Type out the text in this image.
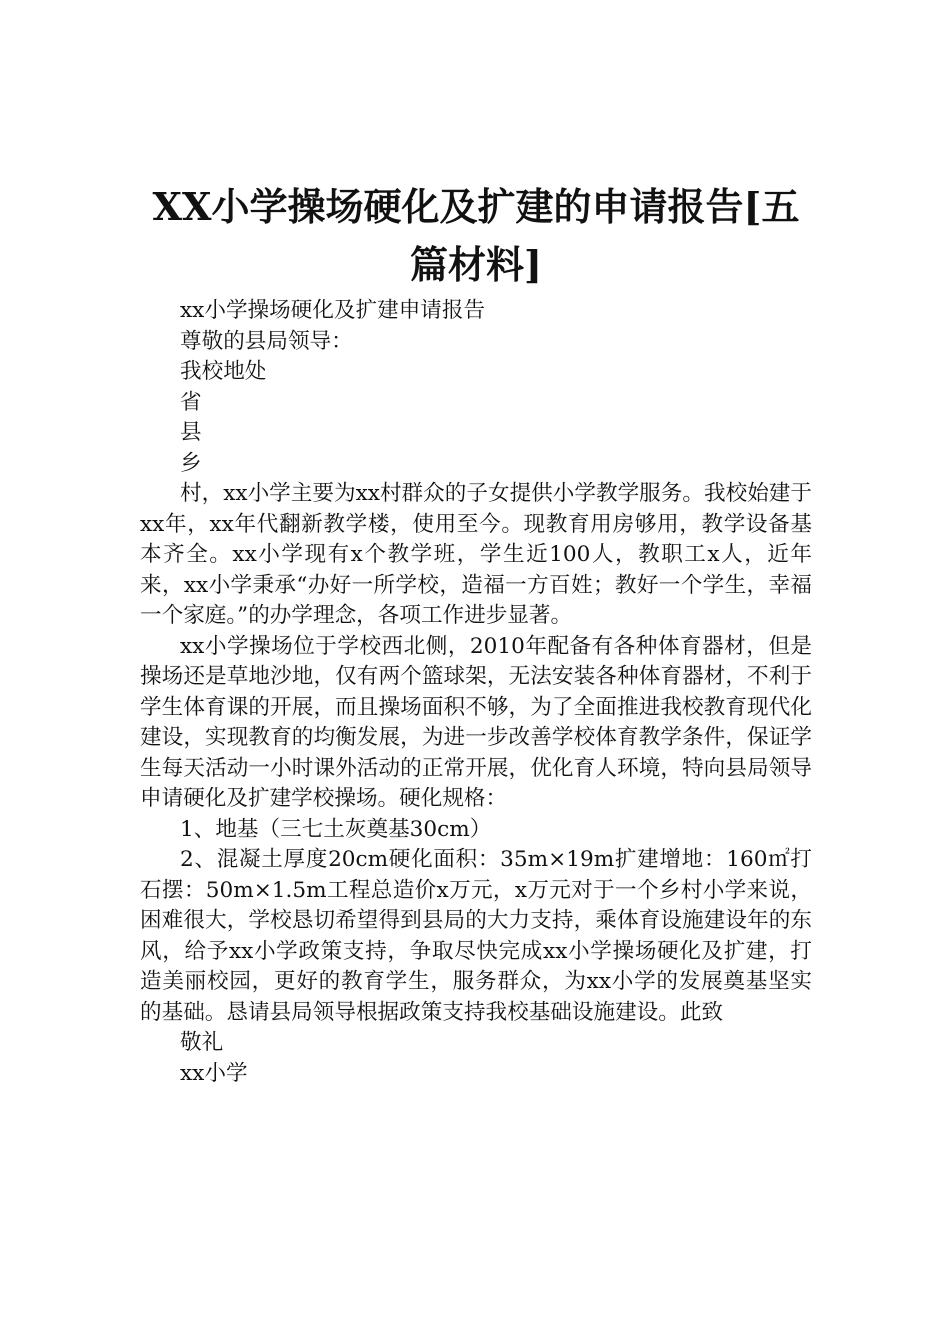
XX小学操场硬化及扩建的申请报告[五篇材料]

xx小学操场硬化及扩建申请报告

尊敬的县局领导：

我校地处

省

县

乡

村，xx小学主要为xx村群众的子女提供小学教学服务。我校始建于xx年，xx年代翻新教学楼，使用至今。现教育用房够用，教学设备基本齐全。xx小学现有x个教学班，学生近100人，教职工x人，近年来，xx小学秉承“办好一所学校，造福一方百姓；教好一个学生，幸福一个家庭。”的办学理念，各项工作进步显著。

xx小学操场位于学校西北侧，2010年配备有各种体育器材，但是操场还是草地沙地，仅有两个篮球架，无法安装各种体育器材，不利于学生体育课的开展，而且操场面积不够，为了全面推进我校教育现代化建设，实现教育的均衡发展，为进一步改善学校体育教学条件，保证学生每天活动一小时课外活动的正常开展，优化育人环境，特向县局领导申请硬化及扩建学校操场。硬化规格：

1、地基（三七土灰奠基30cm）

2、混凝土厚度20cm硬化面积：35m×19m扩建增地：160㎡打石摆：50m×1.5m工程总造价x万元，x万元对于一个乡村小学来说，困难很大，学校恳切希望得到县局的大力支持，乘体育设施建设年的东风，给予xx小学政策支持，争取尽快完成xx小学操场硬化及扩建，打造美丽校园，更好的教育学生，服务群众，为xx小学的发展奠基坚实的基础。恳请县局领导根据政策支持我校基础设施建设。此致

敬礼

xx小学
